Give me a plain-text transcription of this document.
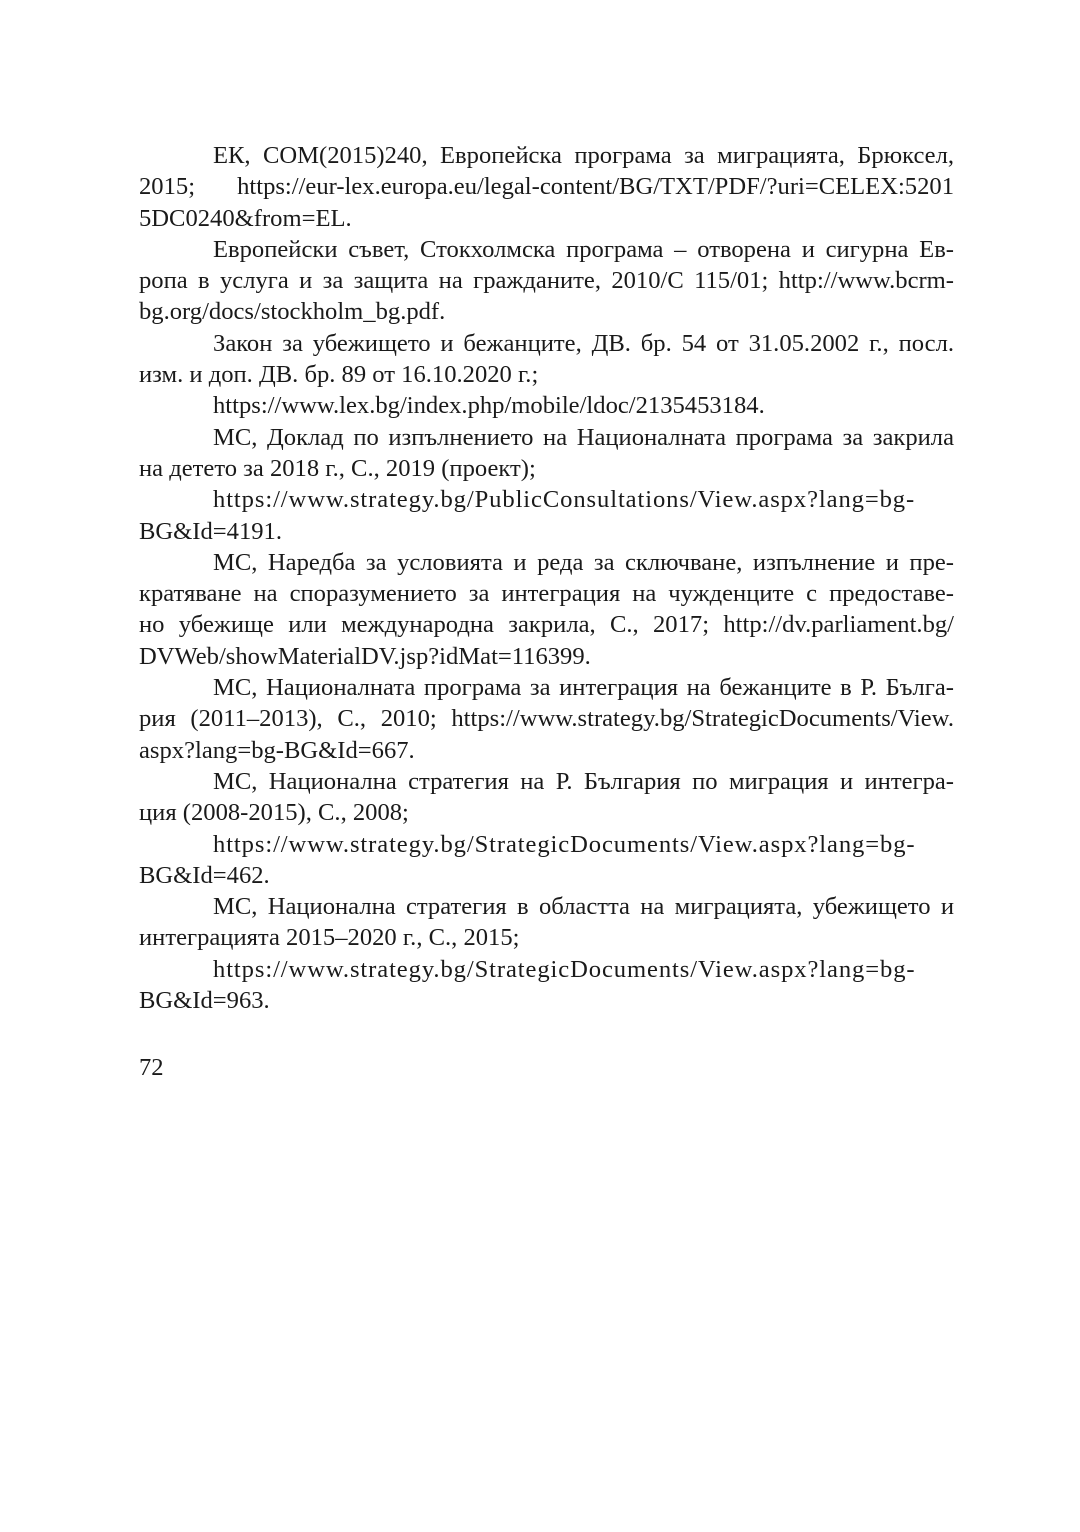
ЕК, COM(2015)240, Европейска програма за миграцията, Брюксел,
2015; https://eur-lex.europa.eu/legal-content/BG/TXT/PDF/?uri=CELEX:5201
5DC0240&from=EL.
Европейски съвет, Стокхолмска програма – отворена и сигурна Ев-
ропа в услуга и за защита на гражданите, 2010/C 115/01; http://www.bcrm-
bg.org/docs/stockholm_bg.pdf.
Закон за убежището и бежанците, ДВ. бр. 54 от 31.05.2002 г., посл.
изм. и доп. ДВ. бр. 89 от 16.10.2020 г.;
https://www.lex.bg/index.php/mobile/ldoc/2135453184.
МС, Доклад по изпълнението на Националната програма за закрила
на детето за 2018 г., С., 2019 (проект);
https://www.strategy.bg/PublicConsultations/View.aspx?lang=bg-
BG&Id=4191.
МС, Наредба за условията и реда за сключване, изпълнение и пре-
кратяване на споразумението за интеграция на чужденците с предоставе-
но убежище или международна закрила, С., 2017; http://dv.parliament.bg/
DVWeb/showMaterialDV.jsp?idMat=116399.
МС, Националната програма за интеграция на бежанците в Р. Бълга-
рия (2011–2013), С., 2010; https://www.strategy.bg/StrategicDocuments/View.
aspx?lang=bg-BG&Id=667.
МС, Национална стратегия на Р. България по миграция и интегра-
ция (2008-2015), С., 2008;
https://www.strategy.bg/StrategicDocuments/View.aspx?lang=bg-
BG&Id=462.
МС, Национална стратегия в областта на миграцията, убежището и
интеграцията 2015–2020 г., С., 2015;
https://www.strategy.bg/StrategicDocuments/View.aspx?lang=bg-
BG&Id=963.
72
